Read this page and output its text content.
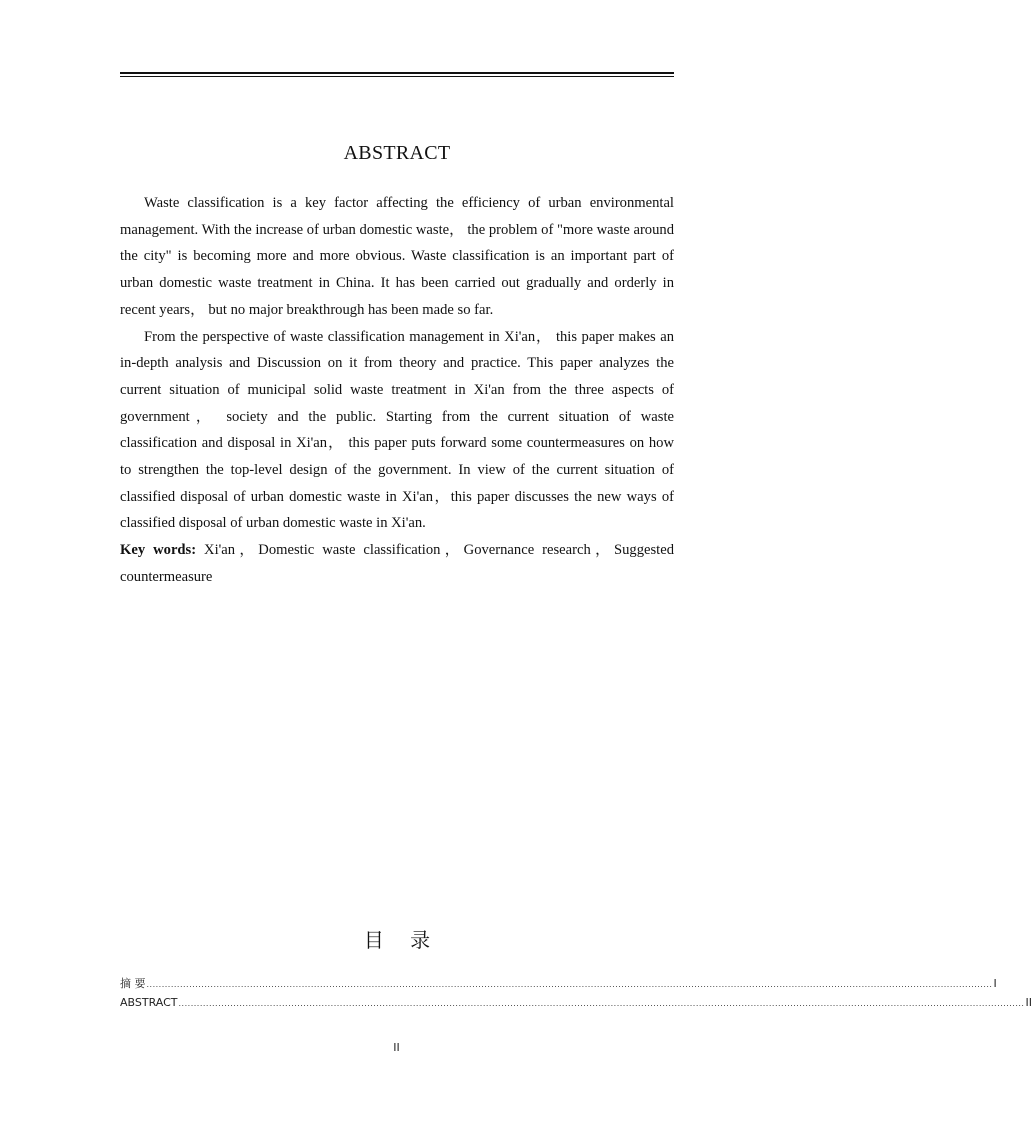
ABSTRACT

Waste classification is a key factor affecting the efficiency of urban environmental management. With the increase of urban domestic waste， the problem of "more waste around the city" is becoming more and more obvious. Waste classification is an important part of urban domestic waste treatment in China. It has been carried out gradually and orderly in recent years， but no major breakthrough has been made so far.

From the perspective of waste classification management in Xi'an， this paper makes an in-depth analysis and Discussion on it from theory and practice. This paper analyzes the current situation of municipal solid waste treatment in Xi'an from the three aspects of government， society and the public. Starting from the current situation of waste classification and disposal in Xi'an， this paper puts forward some countermeasures on how to strengthen the top-level design of the government. In view of the current situation of classified disposal of urban domestic waste in Xi'an，this paper discusses the new ways of classified disposal of urban domestic waste in Xi'an.

Key words: Xi'an，Domestic waste classification，Governance research，Suggested countermeasure
目 录
摘 要 ...................................................................................................................................................................................................................................................................................... I
ABSTRACT ...................................................................................................................................................................................................................................................................................... II
II
